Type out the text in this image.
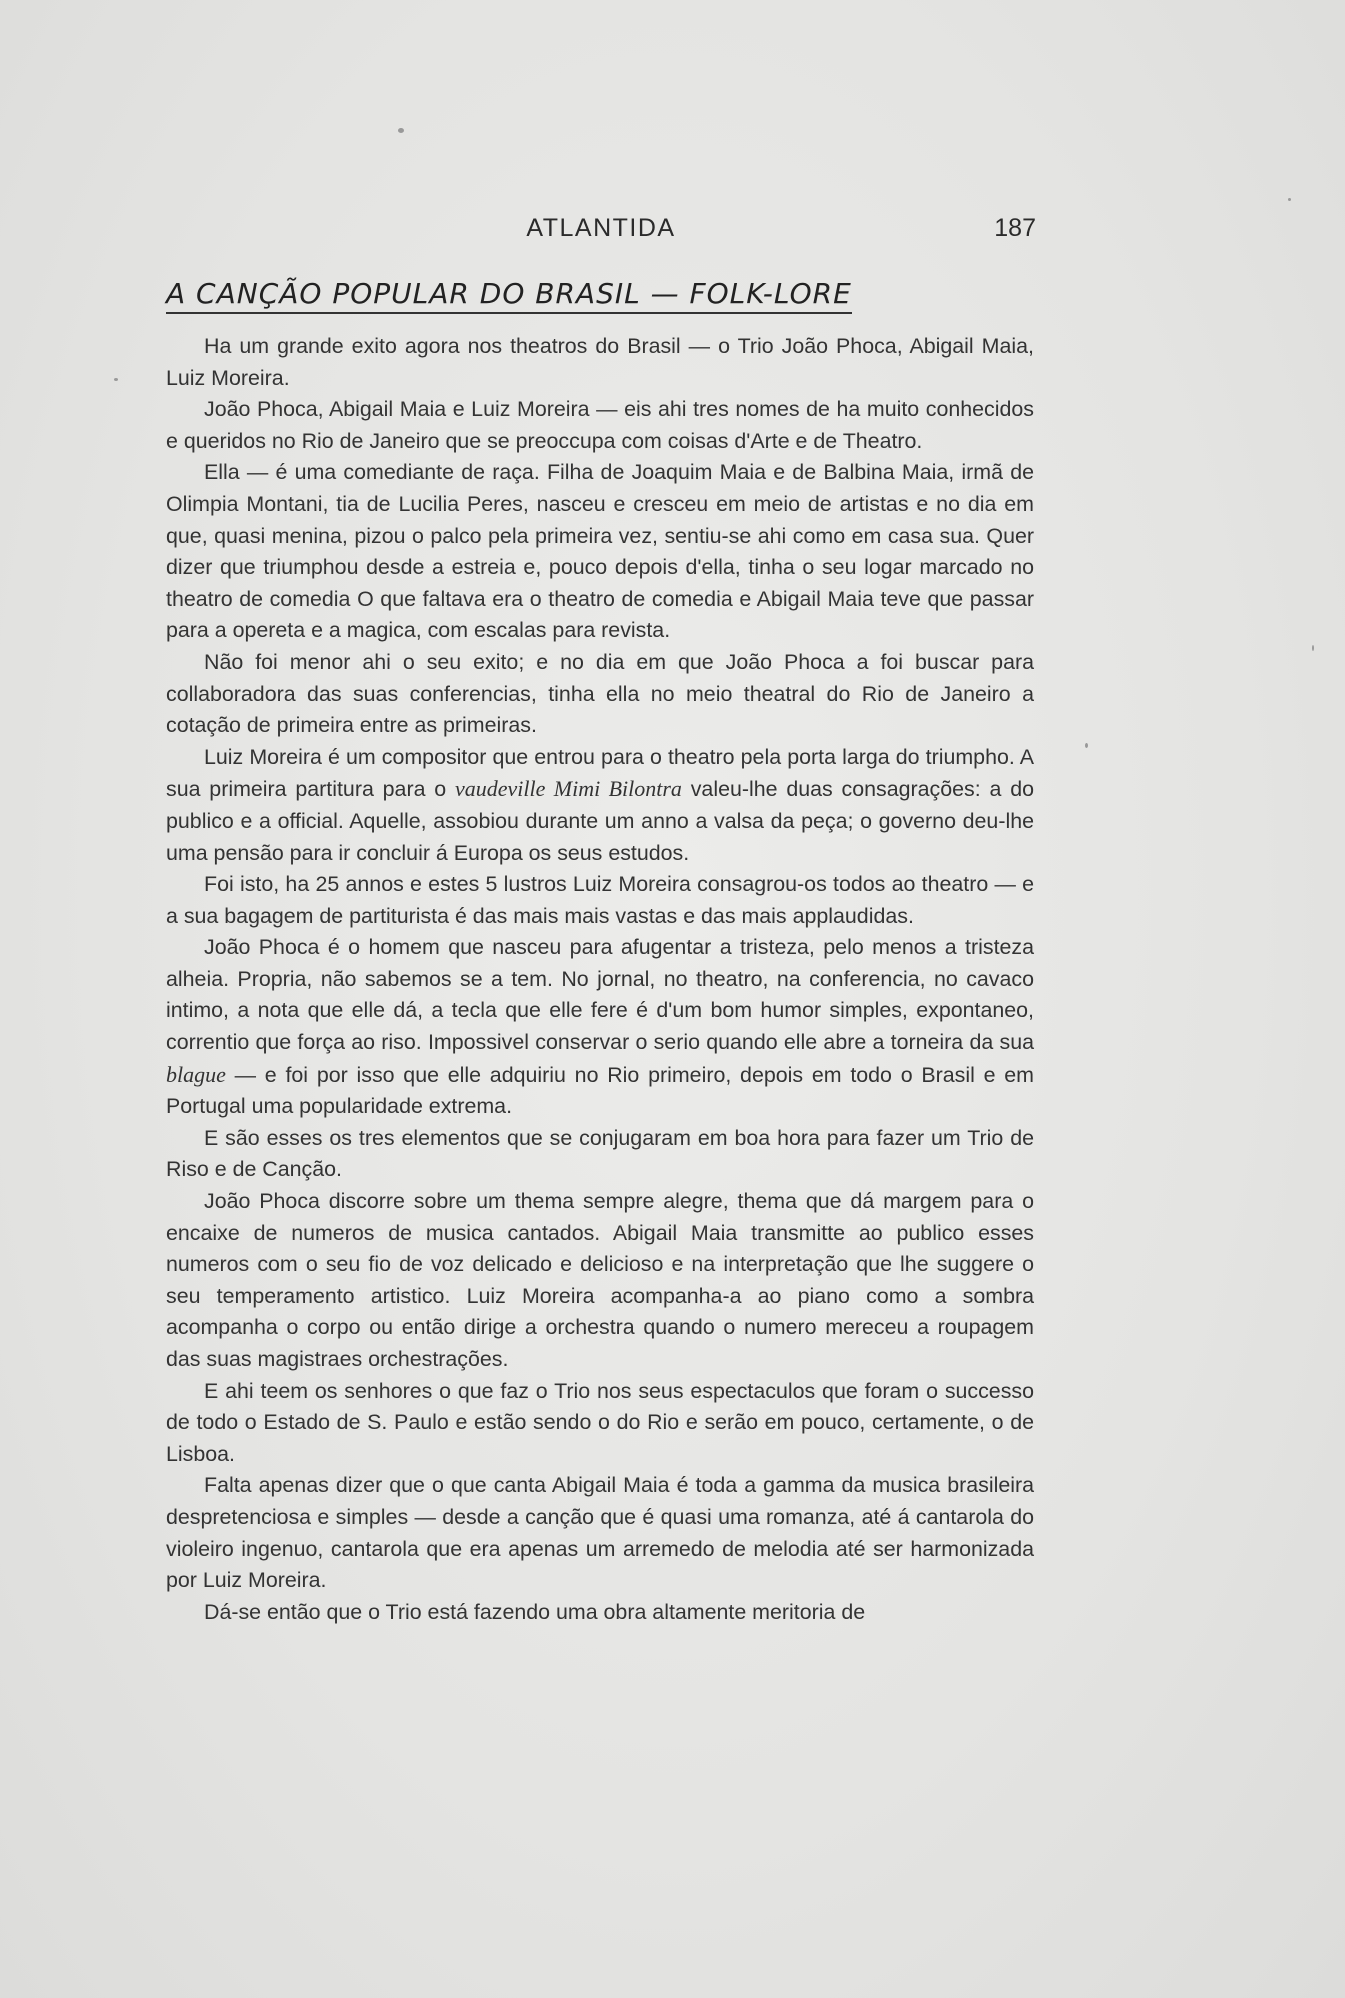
ATLANTIDA	187
A CANÇÃO POPULAR DO BRASIL — FOLK-LORE

Ha um grande exito agora nos theatros do Brasil — o Trio João Phoca, Abigail Maia, Luiz Moreira.

João Phoca, Abigail Maia e Luiz Moreira — eis ahi tres nomes de ha muito conhecidos e queridos no Rio de Janeiro que se preoccupa com coisas d'Arte e de Theatro.

Ella — é uma comediante de raça. Filha de Joaquim Maia e de Balbina Maia, irmã de Olimpia Montani, tia de Lucilia Peres, nasceu e cresceu em meio de artistas e no dia em que, quasi menina, pizou o palco pela primeira vez, sentiu-se ahi como em casa sua. Quer dizer que triumphou desde a estreia e, pouco depois d'ella, tinha o seu logar marcado no theatro de comedia O que faltava era o theatro de comedia e Abigail Maia teve que passar para a opereta e a magica, com escalas para revista.

Não foi menor ahi o seu exito; e no dia em que João Phoca a foi buscar para collaboradora das suas conferencias, tinha ella no meio theatral do Rio de Janeiro a cotação de primeira entre as primeiras.

Luiz Moreira é um compositor que entrou para o theatro pela porta larga do triumpho. A sua primeira partitura para o vaudeville Mimi Bilontra valeu-lhe duas consagrações: a do publico e a official. Aquelle, assobiou durante um anno a valsa da peça; o governo deu-lhe uma pensão para ir concluir á Europa os seus estudos.

Foi isto, ha 25 annos e estes 5 lustros Luiz Moreira consagrou-os todos ao theatro — e a sua bagagem de partiturista é das mais mais vastas e das mais applaudidas.

João Phoca é o homem que nasceu para afugentar a tristeza, pelo menos a tristeza alheia. Propria, não sabemos se a tem. No jornal, no theatro, na conferencia, no cavaco intimo, a nota que elle dá, a tecla que elle fere é d'um bom humor simples, expontaneo, correntio que força ao riso. Impossivel conservar o serio quando elle abre a torneira da sua blague — e foi por isso que elle adquiriu no Rio primeiro, depois em todo o Brasil e em Portugal uma popularidade extrema.

E são esses os tres elementos que se conjugaram em boa hora para fazer um Trio de Riso e de Canção.

João Phoca discorre sobre um thema sempre alegre, thema que dá margem para o encaixe de numeros de musica cantados. Abigail Maia transmitte ao publico esses numeros com o seu fio de voz delicado e delicioso e na interpretação que lhe suggere o seu temperamento artistico. Luiz Moreira acompanha-a ao piano como a sombra acompanha o corpo ou então dirige a orchestra quando o numero mereceu a roupagem das suas magistraes orchestrações.

E ahi teem os senhores o que faz o Trio nos seus espectaculos que foram o successo de todo o Estado de S. Paulo e estão sendo o do Rio e serão em pouco, certamente, o de Lisboa.

Falta apenas dizer que o que canta Abigail Maia é toda a gamma da musica brasileira despretenciosa e simples — desde a canção que é quasi uma romanza, até á cantarola do violeiro ingenuo, cantarola que era apenas um arremedo de melodia até ser harmonizada por Luiz Moreira.

Dá-se então que o Trio está fazendo uma obra altamente meritoria de
